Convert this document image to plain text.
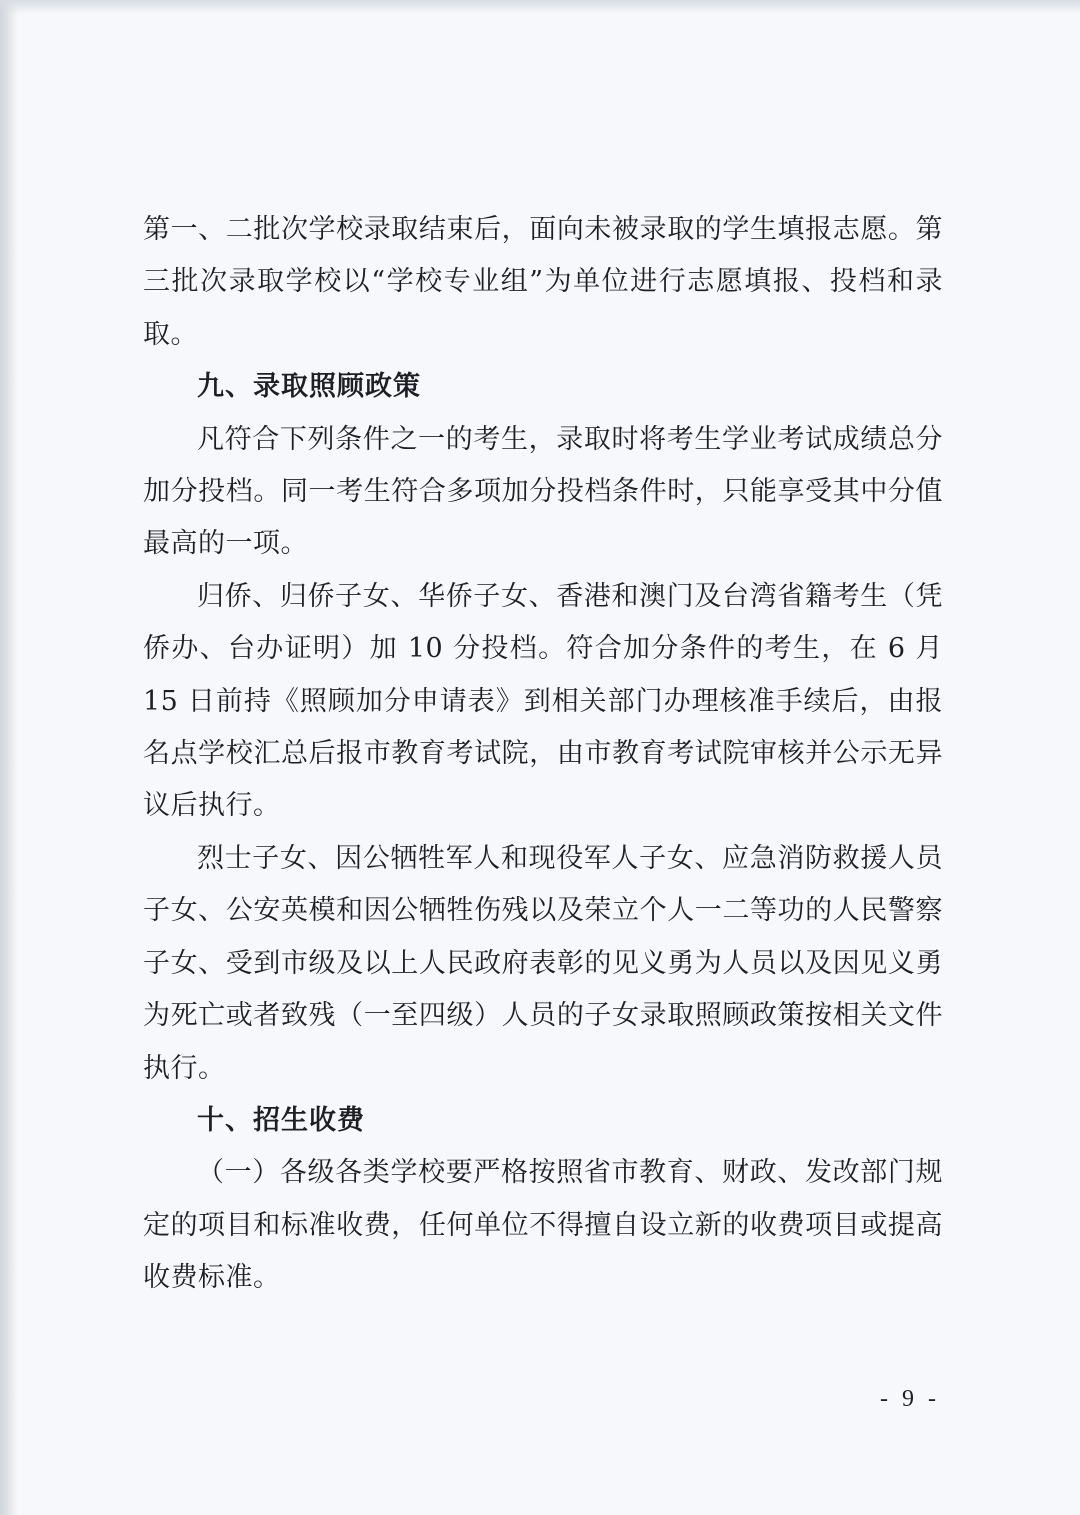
第一、二批次学校录取结束后，面向未被录取的学生填报志愿。第三批次录取学校以“学校专业组”为单位进行志愿填报、投档和录取。

九、录取照顾政策

凡符合下列条件之一的考生，录取时将考生学业考试成绩总分加分投档。同一考生符合多项加分投档条件时，只能享受其中分值最高的一项。

归侨、归侨子女、华侨子女、香港和澳门及台湾省籍考生（凭侨办、台办证明）加 10 分投档。符合加分条件的考生，在 6 月 15 日前持《照顾加分申请表》到相关部门办理核准手续后，由报名点学校汇总后报市教育考试院，由市教育考试院审核并公示无异议后执行。

烈士子女、因公牺牲军人和现役军人子女、应急消防救援人员子女、公安英模和因公牺牲伤残以及荣立个人一二等功的人民警察子女、受到市级及以上人民政府表彰的见义勇为人员以及因见义勇为死亡或者致残（一至四级）人员的子女录取照顾政策按相关文件执行。

十、招生收费

（一）各级各类学校要严格按照省市教育、财政、发改部门规定的项目和标准收费，任何单位不得擅自设立新的收费项目或提高收费标准。

- 9 -
